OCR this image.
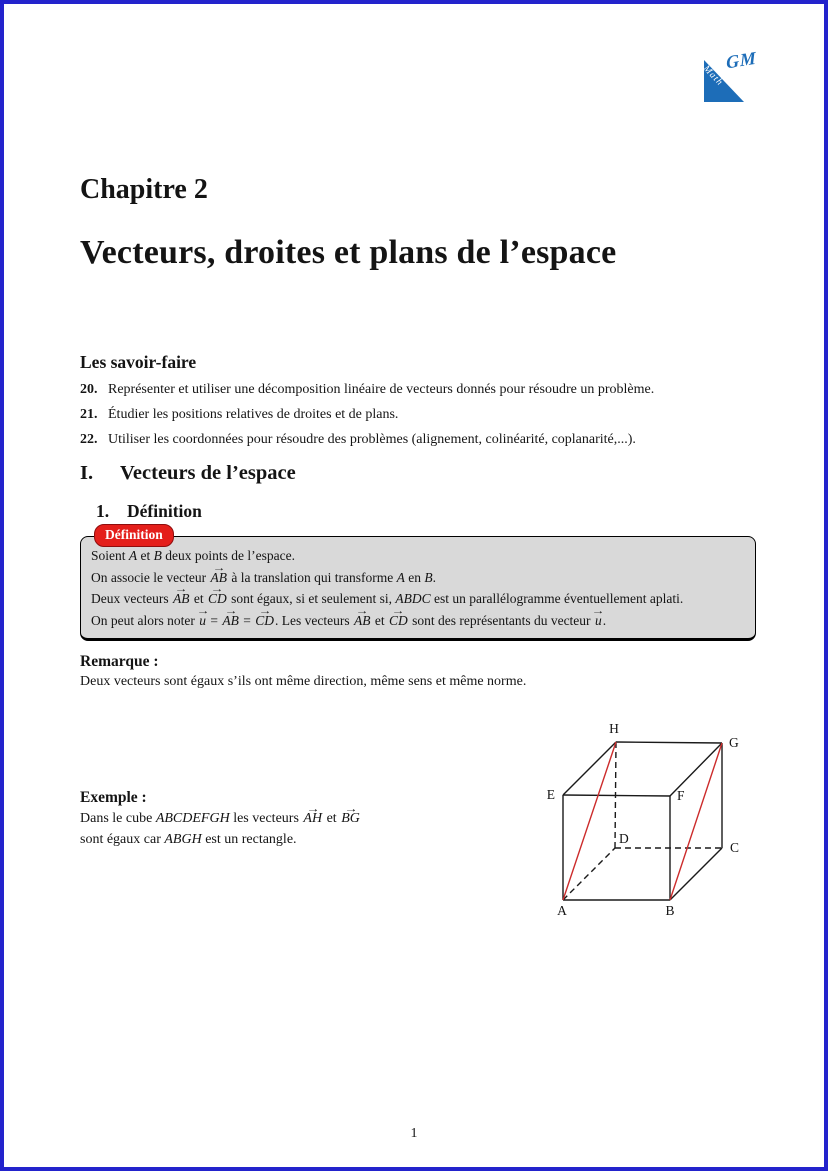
GM
Math
Chapitre 2
Vecteurs, droites et plans de l’espace
Les savoir-faire
20. Représenter et utiliser une décomposition linéaire de vecteurs donnés pour résoudre un problème.
21. Étudier les positions relatives de droites et de plans.
22. Utiliser les coordonnées pour résoudre des problèmes (alignement, colinéarité, coplanarité,...).
I.	Vecteurs de l’espace
1.	Définition
Définition
Soient A et B deux points de l’espace.
On associe le vecteur → AB à la translation qui transforme A en B.
Deux vecteurs → AB et → CD sont égaux, si et seulement si, ABDC est un parallélogramme éventuellement aplati.
On peut alors noter → u = → AB = → CD. Les vecteurs → AB et → CD sont des représentants du vecteur → u.
Remarque :
Deux vecteurs sont égaux s’ils ont même direction, même sens et même norme.
Exemple :
Dans le cube ABCDEFGH les vecteurs → AH et → BG
sont égaux car ABGH est un rectangle.
A	B
C
D
E	F
G
H
1
